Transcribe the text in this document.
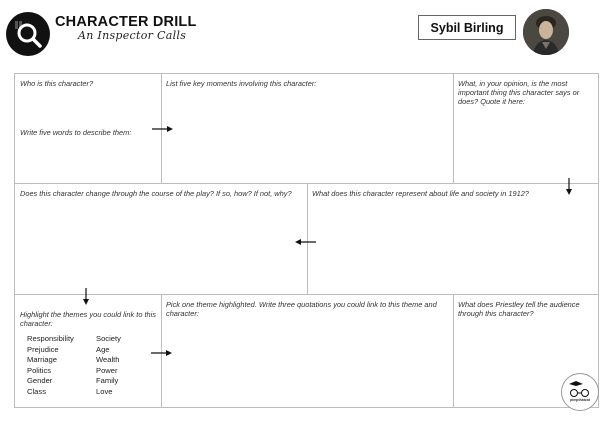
CHARACTER DRILL
An Inspector Calls
Sybil Birling
Who is this character?
Write five words to describe them:
List five key moments involving this character:	What, in your opinion, is the most important thing this character says or does? Quote it here:
Does this character change through the course of the play? If so, how? If not, why?	What does this character represent about life and society in 1912?
Highlight the themes you could link to this character:
Pick one theme highlighted. Write three quotations you could link to this theme and character:
What does Priestley tell the audience through this character?
Responsibility
Prejudice
Marriage
Politics
Gender
Class
Society
Age
Wealth
Power
Family
Love
pimpthatcat
